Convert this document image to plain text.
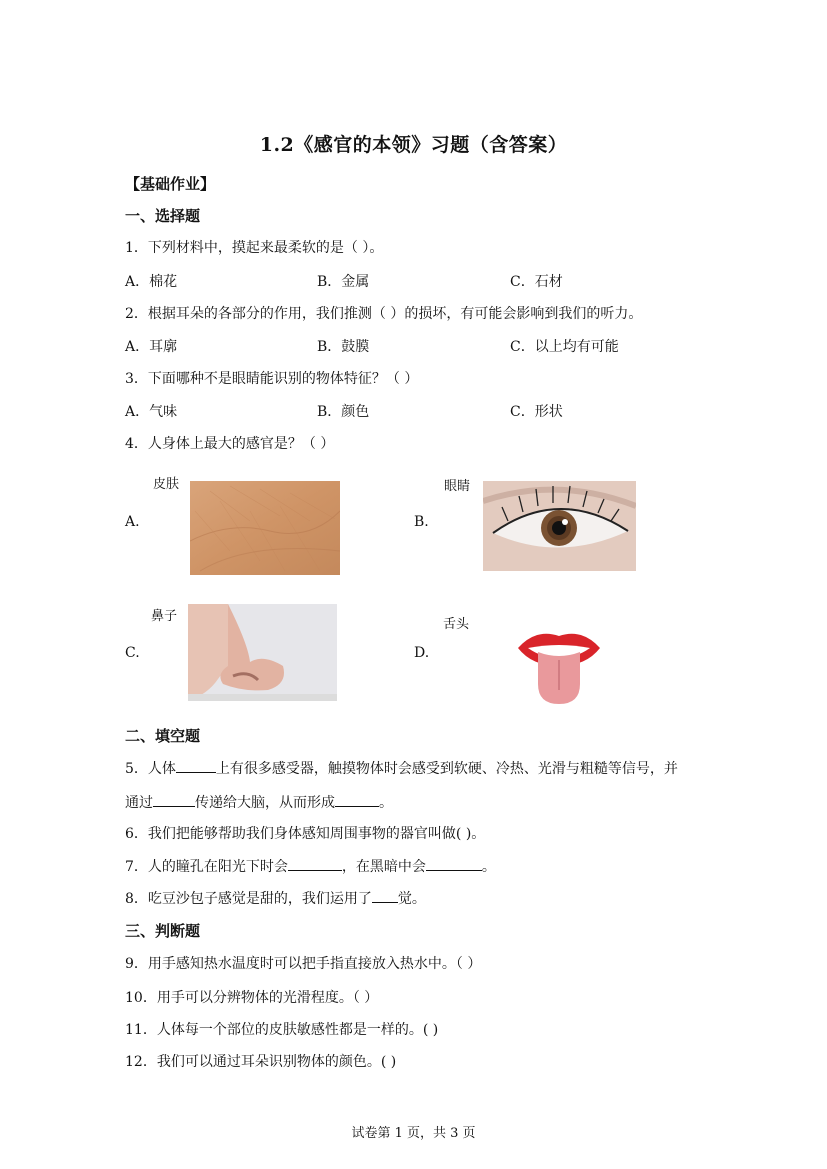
1.2《感官的本领》习题（含答案）
【基础作业】
一、选择题
1．下列材料中，摸起来最柔软的是（ ）。
A．棉花	B．金属	C．石材
2．根据耳朵的各部分的作用，我们推测（ ）的损坏，有可能会影响到我们的听力。
A．耳廓	B．鼓膜	C．以上均有可能
3．下面哪种不是眼睛能识别的物体特征？（ ）
A．气味	B．颜色	C．形状
4．人身体上最大的感官是？（ ）
皮肤
A.
眼睛
B.
鼻子
C.
舌头
D.
二、填空题
5．人体	上有很多感受器，触摸物体时会感受到软硬、冷热、光滑与粗糙等信号，并
通过	传递给大脑，从而形成	。
6．我们把能够帮助我们身体感知周围事物的器官叫做( )。
7．人的瞳孔在阳光下时会	，在黑暗中会	。
8．吃豆沙包子感觉是甜的，我们运用了 觉。
三、判断题
9．用手感知热水温度时可以把手指直接放入热水中。（ ）
10．用手可以分辨物体的光滑程度。（ ）
11．人体每一个部位的皮肤敏感性都是一样的。( )
12．我们可以通过耳朵识别物体的颜色。( )
试卷第 1 页，共 3 页
